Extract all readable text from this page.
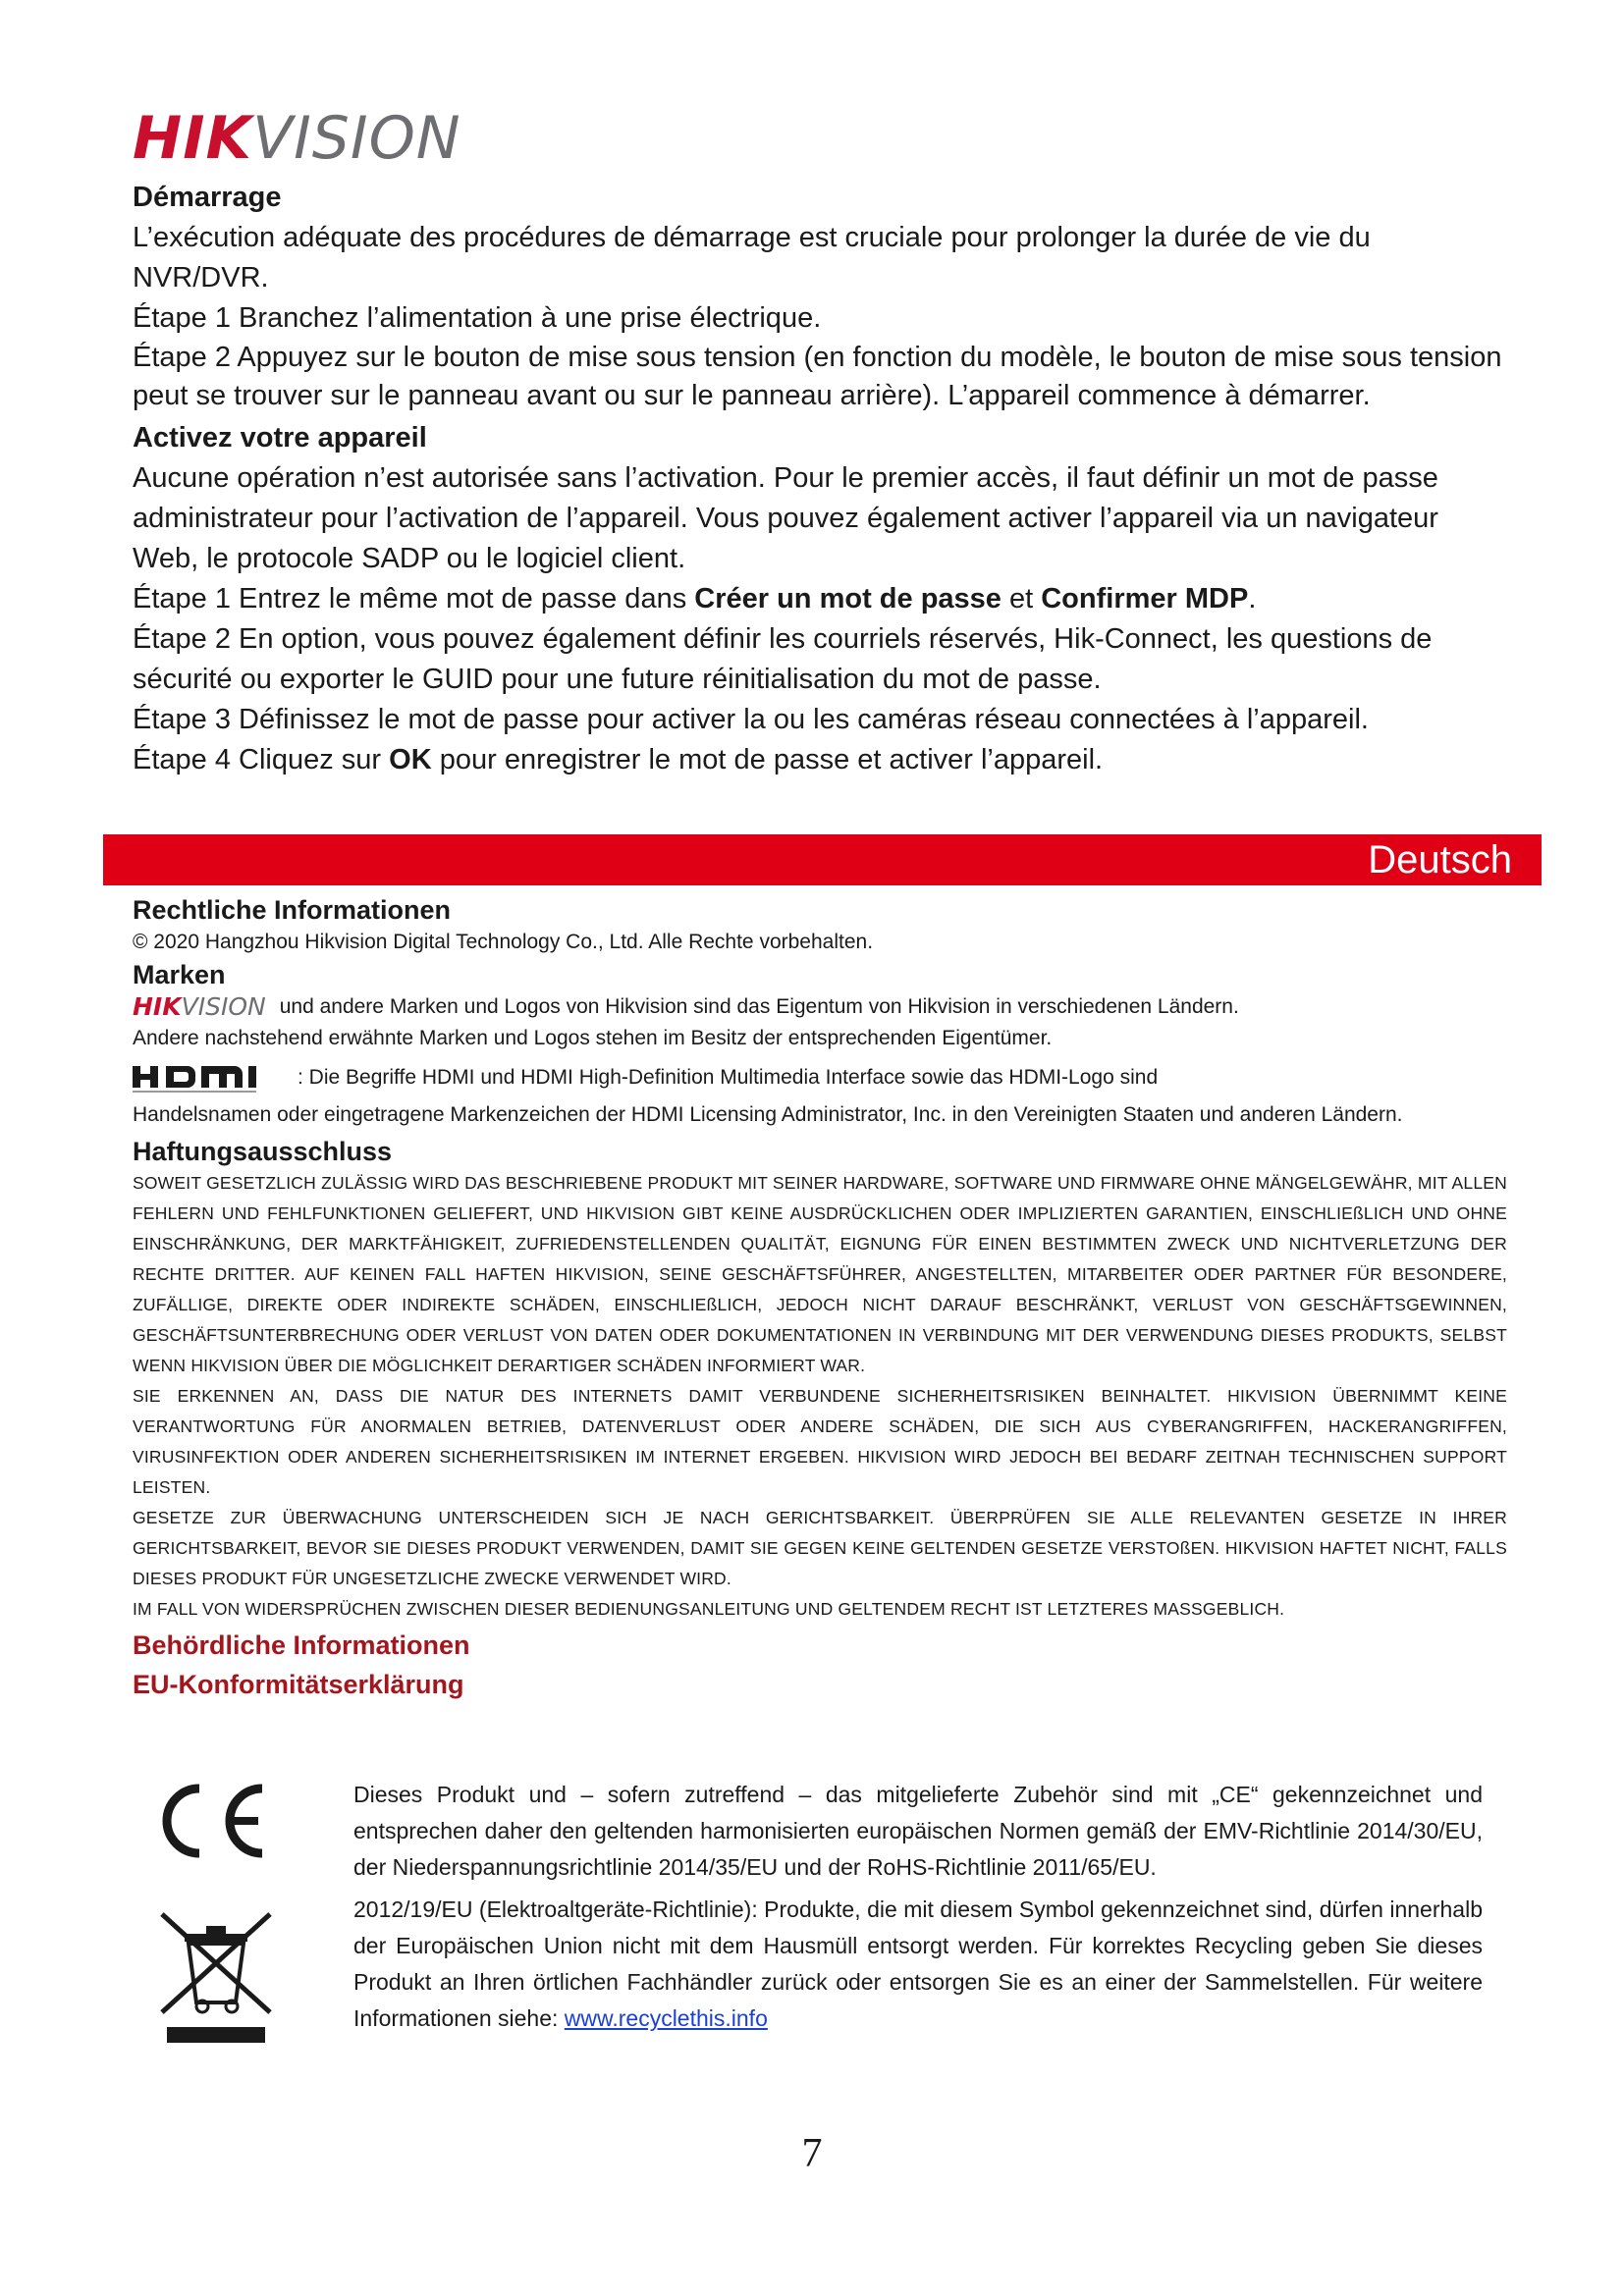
HIKVISION

Démarrage

L’exécution adéquate des procédures de démarrage est cruciale pour prolonger la durée de vie du NVR/DVR.

Étape 1 Branchez l’alimentation à une prise électrique.

Étape 2 Appuyez sur le bouton de mise sous tension (en fonction du modèle, le bouton de mise sous tension peut se trouver sur le panneau avant ou sur le panneau arrière). L’appareil commence à démarrer.

Activez votre appareil

Aucune opération n’est autorisée sans l’activation. Pour le premier accès, il faut définir un mot de passe administrateur pour l’activation de l’appareil. Vous pouvez également activer l’appareil via un navigateur Web, le protocole SADP ou le logiciel client.

Étape 1 Entrez le même mot de passe dans Créer un mot de passe et Confirmer MDP.

Étape 2 En option, vous pouvez également définir les courriels réservés, Hik-Connect, les questions de sécurité ou exporter le GUID pour une future réinitialisation du mot de passe.

Étape 3 Définissez le mot de passe pour activer la ou les caméras réseau connectées à l’appareil.

Étape 4 Cliquez sur OK pour enregistrer le mot de passe et activer l’appareil.

Deutsch

Rechtliche Informationen

© 2020 Hangzhou Hikvision Digital Technology Co., Ltd. Alle Rechte vorbehalten.

Marken

HIKVISION und andere Marken und Logos von Hikvision sind das Eigentum von Hikvision in verschiedenen Ländern.

Andere nachstehend erwähnte Marken und Logos stehen im Besitz der entsprechenden Eigentümer.

: Die Begriffe HDMI und HDMI High-Definition Multimedia Interface sowie das HDMI-Logo sind

Handelsnamen oder eingetragene Markenzeichen der HDMI Licensing Administrator, Inc. in den Vereinigten Staaten und anderen Ländern.

Haftungsausschluss

SOWEIT GESETZLICH ZULÄSSIG WIRD DAS BESCHRIEBENE PRODUKT MIT SEINER HARDWARE, SOFTWARE UND FIRMWARE OHNE MÄNGELGEWÄHR, MIT ALLEN FEHLERN UND FEHLFUNKTIONEN GELIEFERT, UND HIKVISION GIBT KEINE AUSDRÜCKLICHEN ODER IMPLIZIERTEN GARANTIEN, EINSCHLIEßLICH UND OHNE EINSCHRÄNKUNG, DER MARKTFÄHIGKEIT, ZUFRIEDENSTELLENDEN QUALITÄT, EIGNUNG FÜR EINEN BESTIMMTEN ZWECK UND NICHTVERLETZUNG DER RECHTE DRITTER. AUF KEINEN FALL HAFTEN HIKVISION, SEINE GESCHÄFTSFÜHRER, ANGESTELLTEN, MITARBEITER ODER PARTNER FÜR BESONDERE, ZUFÄLLIGE, DIREKTE ODER INDIREKTE SCHÄDEN, EINSCHLIEßLICH, JEDOCH NICHT DARAUF BESCHRÄNKT, VERLUST VON GESCHÄFTSGEWINNEN, GESCHÄFTSUNTERBRECHUNG ODER VERLUST VON DATEN ODER DOKUMENTATIONEN IN VERBINDUNG MIT DER VERWENDUNG DIESES PRODUKTS, SELBST WENN HIKVISION ÜBER DIE MÖGLICHKEIT DERARTIGER SCHÄDEN INFORMIERT WAR.

SIE ERKENNEN AN, DASS DIE NATUR DES INTERNETS DAMIT VERBUNDENE SICHERHEITSRISIKEN BEINHALTET. HIKVISION ÜBERNIMMT KEINE VERANTWORTUNG FÜR ANORMALEN BETRIEB, DATENVERLUST ODER ANDERE SCHÄDEN, DIE SICH AUS CYBERANGRIFFEN, HACKERANGRIFFEN, VIRUSINFEKTION ODER ANDEREN SICHERHEITSRISIKEN IM INTERNET ERGEBEN. HIKVISION WIRD JEDOCH BEI BEDARF ZEITNAH TECHNISCHEN SUPPORT LEISTEN.

GESETZE ZUR ÜBERWACHUNG UNTERSCHEIDEN SICH JE NACH GERICHTSBARKEIT. ÜBERPRÜFEN SIE ALLE RELEVANTEN GESETZE IN IHRER GERICHTSBARKEIT, BEVOR SIE DIESES PRODUKT VERWENDEN, DAMIT SIE GEGEN KEINE GELTENDEN GESETZE VERSTOßEN. HIKVISION HAFTET NICHT, FALLS DIESES PRODUKT FÜR UNGESETZLICHE ZWECKE VERWENDET WIRD.

IM FALL VON WIDERSPRÜCHEN ZWISCHEN DIESER BEDIENUNGSANLEITUNG UND GELTENDEM RECHT IST LETZTERES MASSGEBLICH.

Behördliche Informationen

EU-Konformitätserklärung

Dieses Produkt und – sofern zutreffend – das mitgelieferte Zubehör sind mit „CE“ gekennzeichnet und entsprechen daher den geltenden harmonisierten europäischen Normen gemäß der EMV-Richtlinie 2014/30/EU, der Niederspannungsrichtlinie 2014/35/EU und der RoHS-Richtlinie 2011/65/EU.

2012/19/EU (Elektroaltgeräte-Richtlinie): Produkte, die mit diesem Symbol gekennzeichnet sind, dürfen innerhalb der Europäischen Union nicht mit dem Hausmüll entsorgt werden. Für korrektes Recycling geben Sie dieses Produkt an Ihren örtlichen Fachhändler zurück oder entsorgen Sie es an einer der Sammelstellen. Für weitere Informationen siehe: www.recyclethis.info

7
